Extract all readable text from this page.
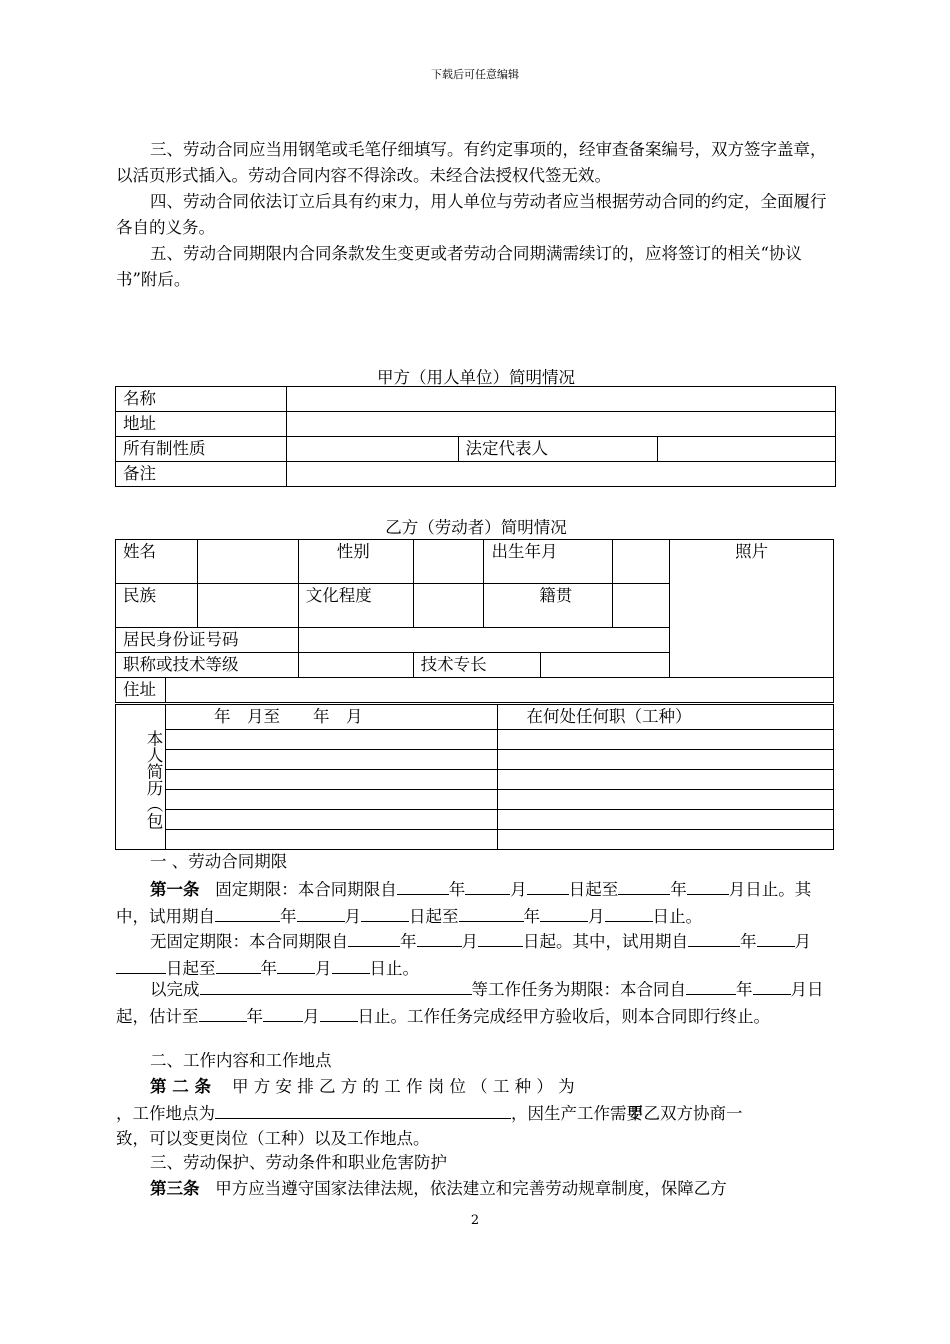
下载后可任意编辑

三、劳动合同应当用钢笔或毛笔仔细填写。有约定事项的，经审查备案编号，双方签字盖章，以活页形式插入。劳动合同内容不得涂改。未经合法授权代签无效。

四、劳动合同依法订立后具有约束力，用人单位与劳动者应当根据劳动合同的约定，全面履行各自的义务。

五、劳动合同期限内合同条款发生变更或者劳动合同期满需续订的，应将签订的相关“协议书”附后。

甲方（用人单位）简明情况
名称			
地址			
所有制性质		法定代表人	
备注			
乙方（劳动者）简明情况
姓名			性别		出生年月			照片
民族			文化程度		籍贯			
居民身份证号码								
职称或技术等级				技术专长				
住址								
本人简历（包	年　月至　　年　月	在何处任何职（工种）

一 、劳动合同期限

第一条 固定期限：本合同期限自	年	月	日起至	年	月日止。其中，试用期自	年	月	日起至	年	月	日止。

无固定期限：本合同期限自	年	月	日起。其中，试用期自	年 月日起至	年 月 日止。

以完成	等工作任务为期限：本合同自	年 月日起，估计至	年 月 日止。工作任务完成经甲方验收后，则本合同即行终止。

二、工作内容和工作地点

第 二 条 甲 方 安 排 乙 方 的 工 作 岗 位 （ 工 种 ） 为

，工作地点为	，因生产工作需要甲乙双方协商一

致，可以变更岗位（工种）以及工作地点。

三、劳动保护、劳动条件和职业危害防护

第三条 甲方应当遵守国家法律法规，依法建立和完善劳动规章制度，保障乙方

2
